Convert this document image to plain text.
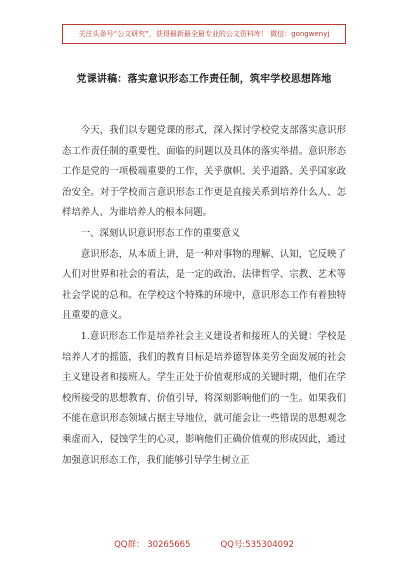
关注头条号“公文研究”，获得最新最全最专业的公文资料库！ 微信：gongwenyj
党课讲稿：落实意识形态工作责任制，筑牢学校思想阵地

今天，我们以专题党课的形式，深入探讨学校党支部落实意识形态工作责任制的重要性、面临的问题以及具体的落实举措。意识形态工作是党的一项极端重要的工作，关乎旗帜、关乎道路、关乎国家政治安全。对于学校而言意识形态工作更是直接关系到培养什么人、怎样培养人、为谁培养人的根本问题。

一、深刻认识意识形态工作的重要意义

意识形态，从本质上讲，是一种对事物的理解、认知，它反映了人们对世界和社会的看法，是一定的政治、法律哲学、宗教、艺术等社会学说的总和。在学校这个特殊的环境中，意识形态工作有着独特且重要的意义。

1.意识形态工作是培养社会主义建设者和接班人的关键：学校是培养人才的摇篮，我们的教育目标是培养德智体美劳全面发展的社会主义建设者和接班人。学生正处于价值观形成的关键时期，他们在学校所接受的思想教育、价值引导，将深刻影响他们的一生。如果我们不能在意识形态领域占据主导地位，就可能会让一些错误的思想观念乘虚而入，侵蚀学生的心灵，影响他们正确价值观的形成因此，通过加强意识形态工作，我们能够引导学生树立正

QQ群： 30265665	QQ号:535304092
